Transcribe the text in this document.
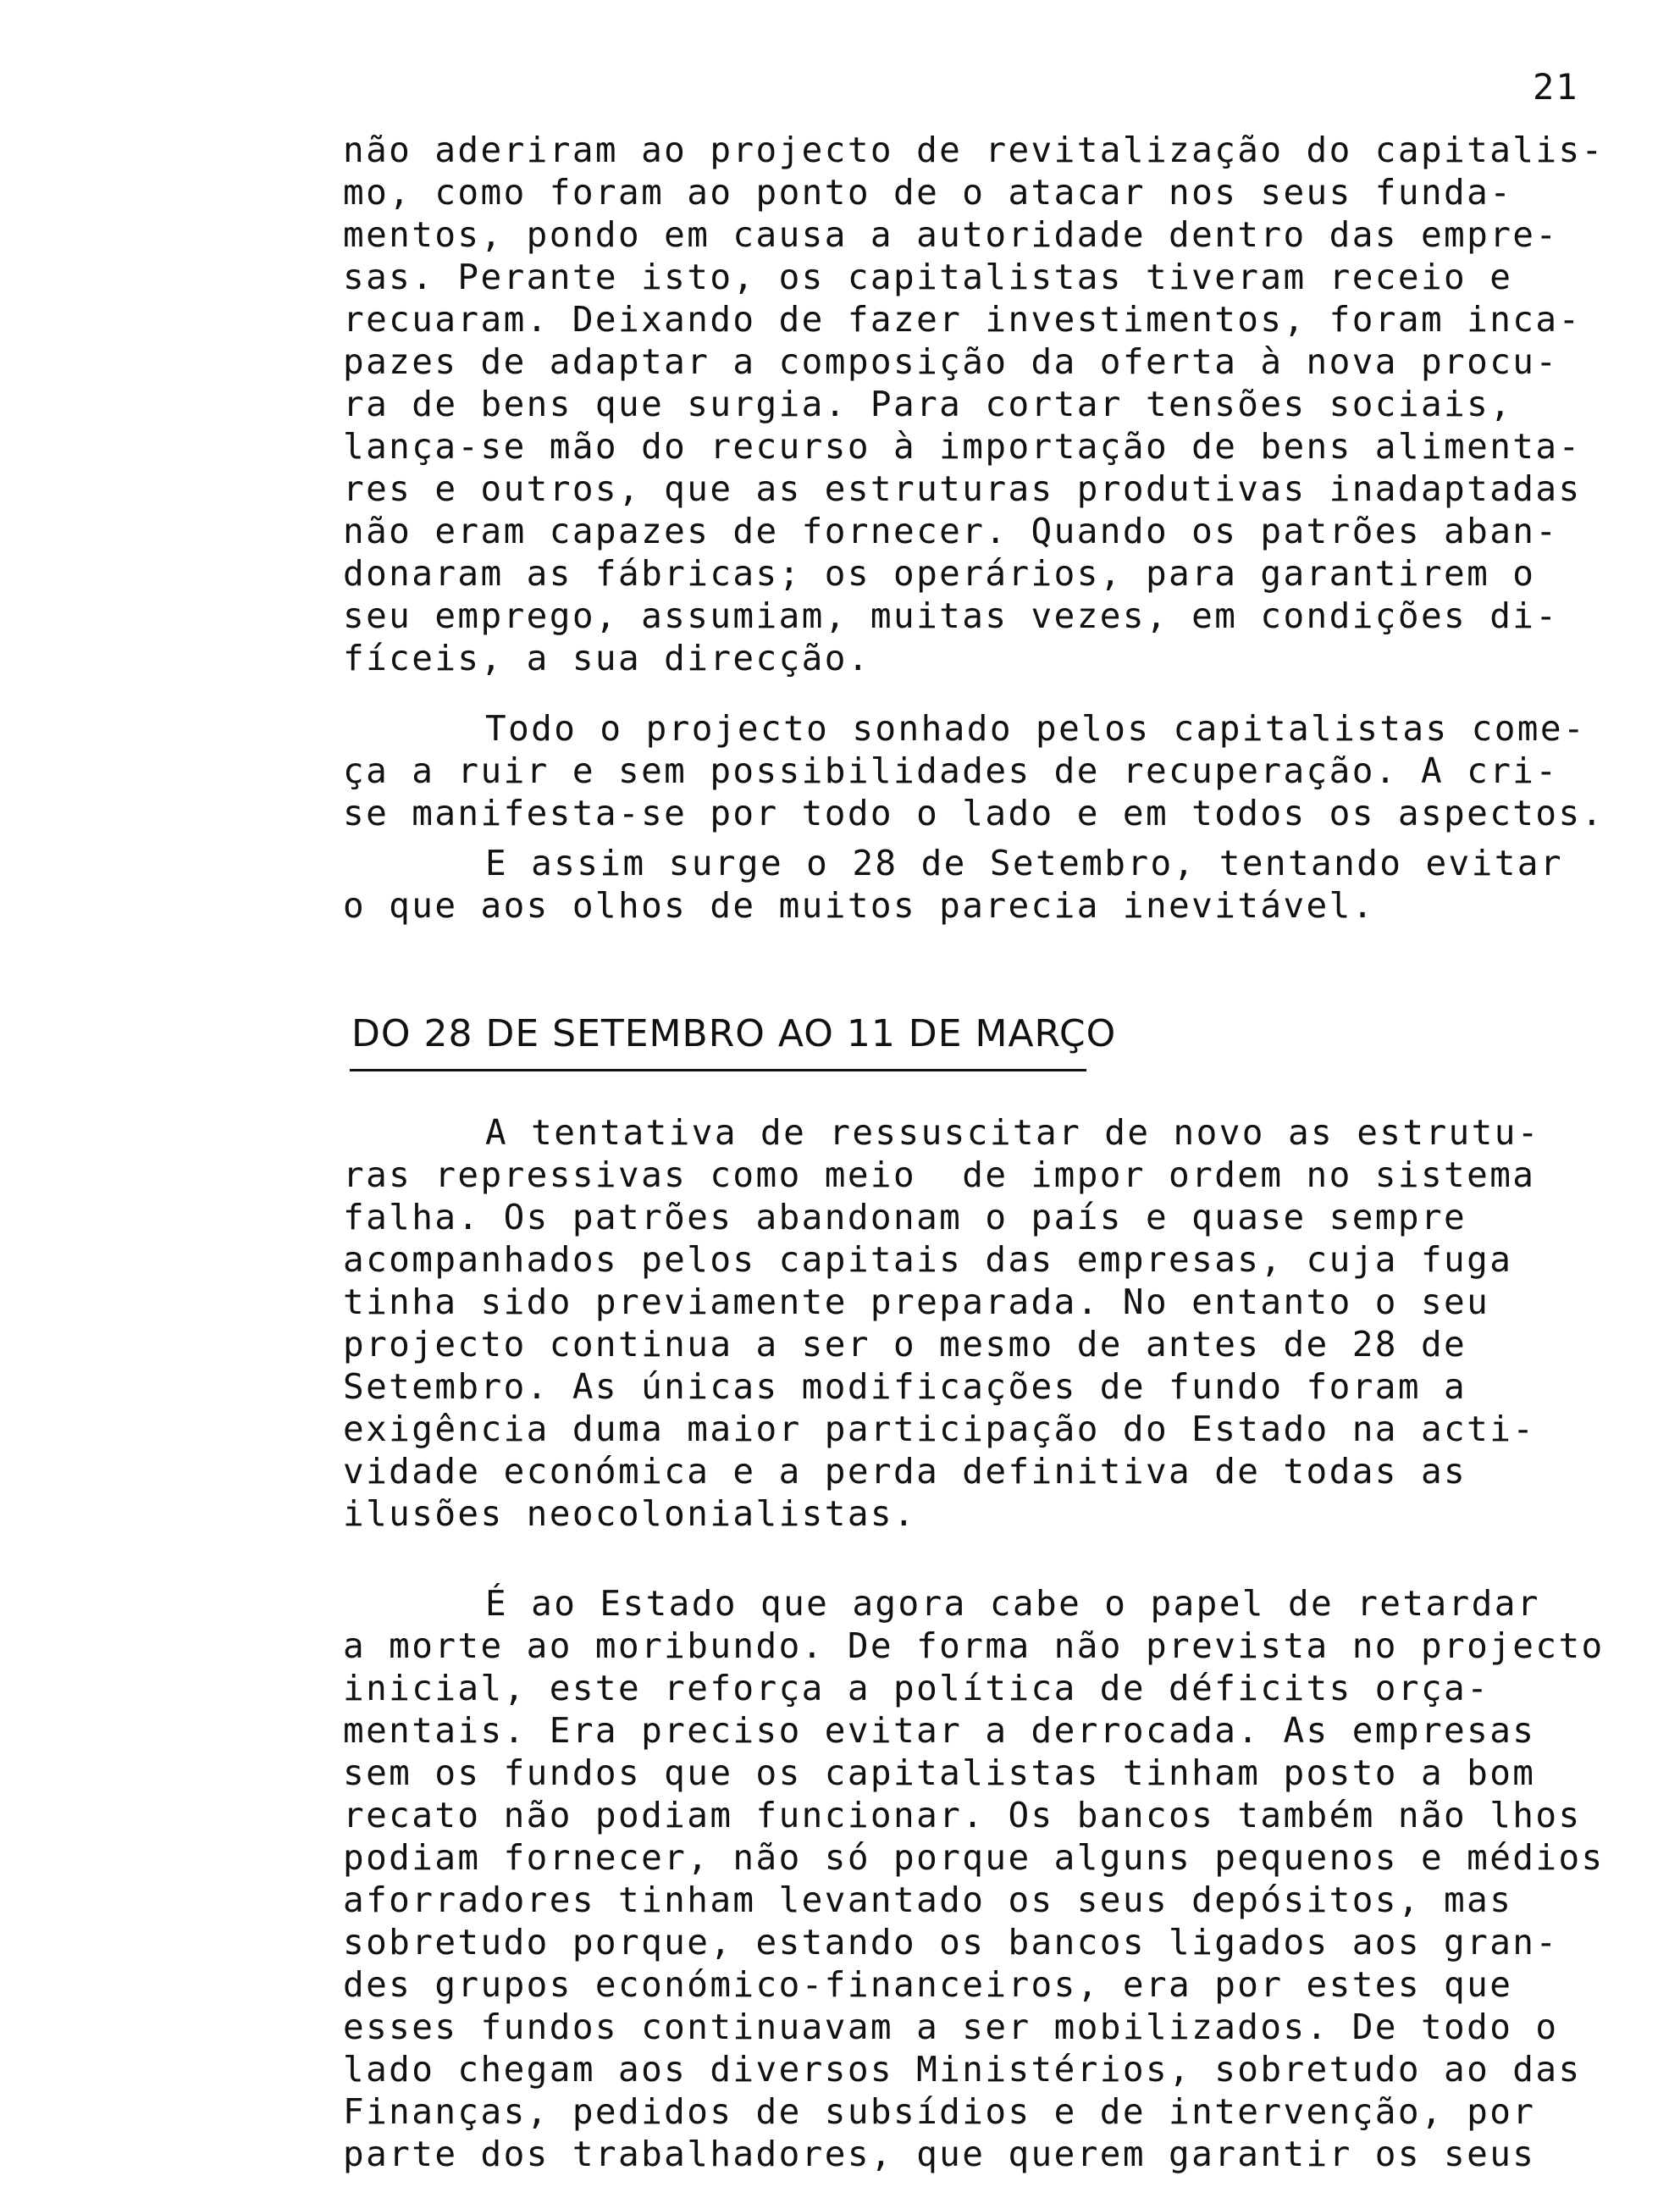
21
não aderiram ao projecto de revitalização do capitalis-
mo, como foram ao ponto de o atacar nos seus funda-
mentos, pondo em causa a autoridade dentro das empre-
sas. Perante isto, os capitalistas tiveram receio e
recuaram. Deixando de fazer investimentos, foram inca-
pazes de adaptar a composição da oferta à nova procu-
ra de bens que surgia. Para cortar tensões sociais,
lança-se mão do recurso à importação de bens alimenta-
res e outros, que as estruturas produtivas inadaptadas
não eram capazes de fornecer. Quando os patrões aban-
donaram as fábricas; os operários, para garantirem o
seu emprego, assumiam, muitas vezes, em condições di-
fíceis, a sua direcção.
Todo o projecto sonhado pelos capitalistas come-
ça a ruir e sem possibilidades de recuperação. A cri-
se manifesta-se por todo o lado e em todos os aspectos.
E assim surge o 28 de Setembro, tentando evitar
o que aos olhos de muitos parecia inevitável.
DO 28 DE SETEMBRO AO 11 DE MARÇO
A tentativa de ressuscitar de novo as estrutu-
ras repressivas como meio  de impor ordem no sistema
falha. Os patrões abandonam o país e quase sempre
acompanhados pelos capitais das empresas, cuja fuga
tinha sido previamente preparada. No entanto o seu
projecto continua a ser o mesmo de antes de 28 de
Setembro. As únicas modificações de fundo foram a
exigência duma maior participação do Estado na acti-
vidade económica e a perda definitiva de todas as
ilusões neocolonialistas.
É ao Estado que agora cabe o papel de retardar
a morte ao moribundo. De forma não prevista no projecto
inicial, este reforça a política de déficits orça-
mentais. Era preciso evitar a derrocada. As empresas
sem os fundos que os capitalistas tinham posto a bom
recato não podiam funcionar. Os bancos também não lhos
podiam fornecer, não só porque alguns pequenos e médios
aforradores tinham levantado os seus depósitos, mas
sobretudo porque, estando os bancos ligados aos gran-
des grupos económico-financeiros, era por estes que
esses fundos continuavam a ser mobilizados. De todo o
lado chegam aos diversos Ministérios, sobretudo ao das
Finanças, pedidos de subsídios e de intervenção, por
parte dos trabalhadores, que querem garantir os seus
